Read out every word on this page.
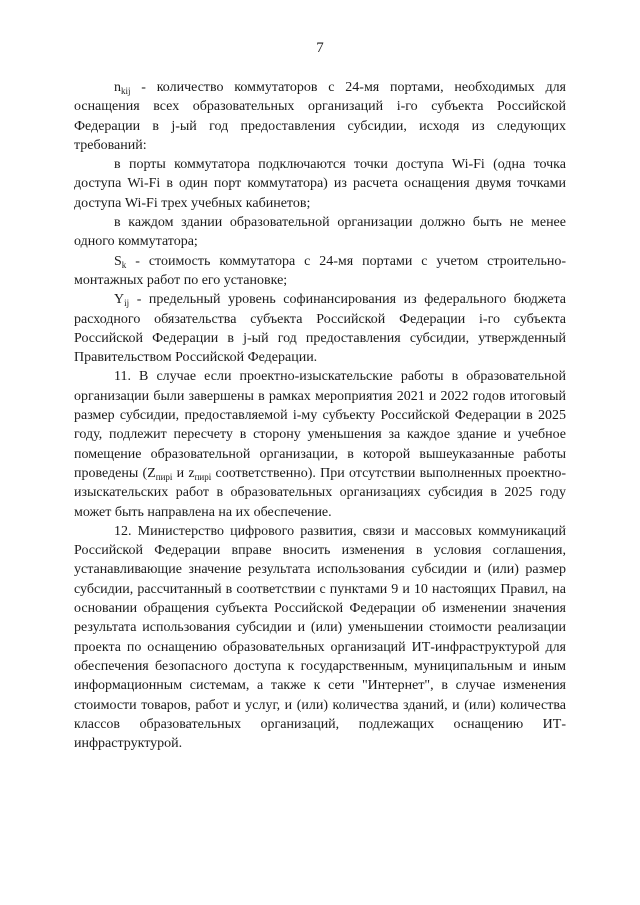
7

$n_{kij}$ - количество коммутаторов с 24-мя портами, необходимых для оснащения всех образовательных организаций i-го субъекта Российской Федерации в j-ый год предоставления субсидии, исходя из следующих требований:

в порты коммутатора подключаются точки доступа Wi-Fi (одна точка доступа Wi-Fi в один порт коммутатора) из расчета оснащения двумя точками доступа Wi-Fi трех учебных кабинетов;

в каждом здании образовательной организации должно быть не менее одного коммутатора;

$S_k$ - стоимость коммутатора с 24-мя портами с учетом строительно-монтажных работ по его установке;

$Y_{ij}$ - предельный уровень софинансирования из федерального бюджета расходного обязательства субъекта Российской Федерации i-го субъекта Российской Федерации в j-ый год предоставления субсидии, утвержденный Правительством Российской Федерации.

11. В случае если проектно-изыскательские работы в образовательной организации были завершены в рамках мероприятия 2021 и 2022 годов итоговый размер субсидии, предоставляемой i-му субъекту Российской Федерации в 2025 году, подлежит пересчету в сторону уменьшения за каждое здание и учебное помещение образовательной организации, в которой вышеуказанные работы проведены ($Z_{пирi}$ и $z_{пирi}$ соответственно). При отсутствии выполненных проектно-изыскательских работ в образовательных организациях субсидия в 2025 году может быть направлена на их обеспечение.

12. Министерство цифрового развития, связи и массовых коммуникаций Российской Федерации вправе вносить изменения в условия соглашения, устанавливающие значение результата использования субсидии и (или) размер субсидии, рассчитанный в соответствии с пунктами 9 и 10 настоящих Правил, на основании обращения субъекта Российской Федерации об изменении значения результата использования субсидии и (или) уменьшении стоимости реализации проекта по оснащению образовательных организаций ИТ-инфраструктурой для обеспечения безопасного доступа к государственным, муниципальным и иным информационным системам, а также к сети "Интернет", в случае изменения стоимости товаров, работ и услуг, и (или) количества зданий, и (или) количества классов образовательных организаций, подлежащих оснащению ИТ-инфраструктурой.
